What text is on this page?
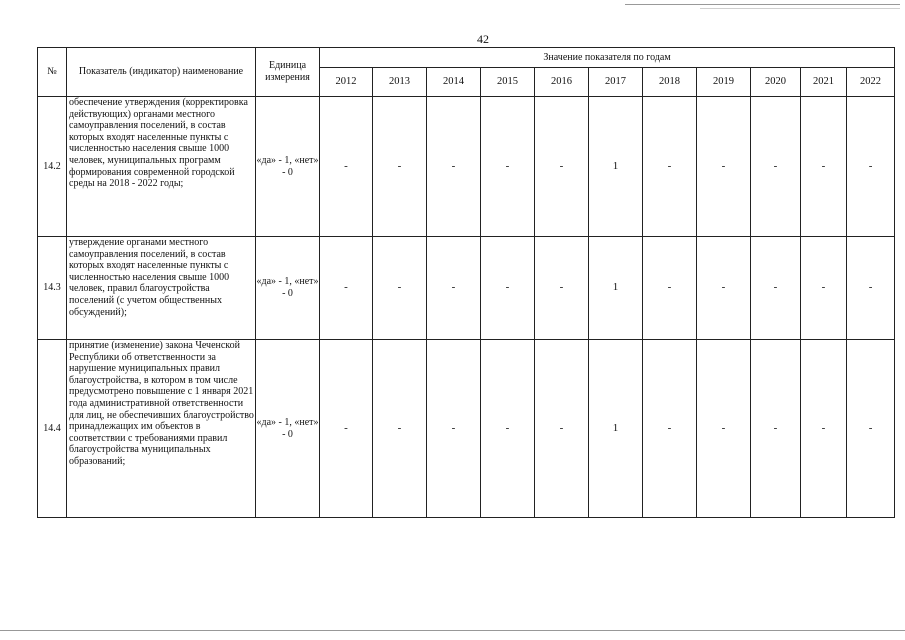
42
№	Показатель (индикатор) наименование	Единица измерения	Значение показателя по годам										
			2012	2013	2014	2015	2016	2017	2018	2019	2020	2021	2022
14.2	обеспечение утверждения (корректировка действующих) органами местного самоуправления поселений, в состав которых входят населенные пункты с численностью населения свыше 1000 человек, муниципальных программ формирования современной городской среды на 2018 - 2022 годы;	«да» - 1, «нет» - 0	-	-	-	-	-	1	-	-	-	-	-
14.3	утверждение органами местного самоуправления поселений, в состав которых входят населенные пункты с численностью населения свыше 1000 человек, правил благоустройства поселений (с учетом общественных обсуждений);	«да» - 1, «нет» - 0	-	-	-	-	-	1	-	-	-	-	-
14.4	принятие (изменение) закона Чеченской Республики об ответственности за нарушение муниципальных правил благоустройства, в котором в том числе предусмотрено повышение с 1 января 2021 года административной ответственности для лиц, не обеспечивших благоустройство принадлежащих им объектов в соответствии с требованиями правил благоустройства муниципальных образований;	«да» - 1, «нет» - 0	-	-	-	-	-	1	-	-	-	-	-
